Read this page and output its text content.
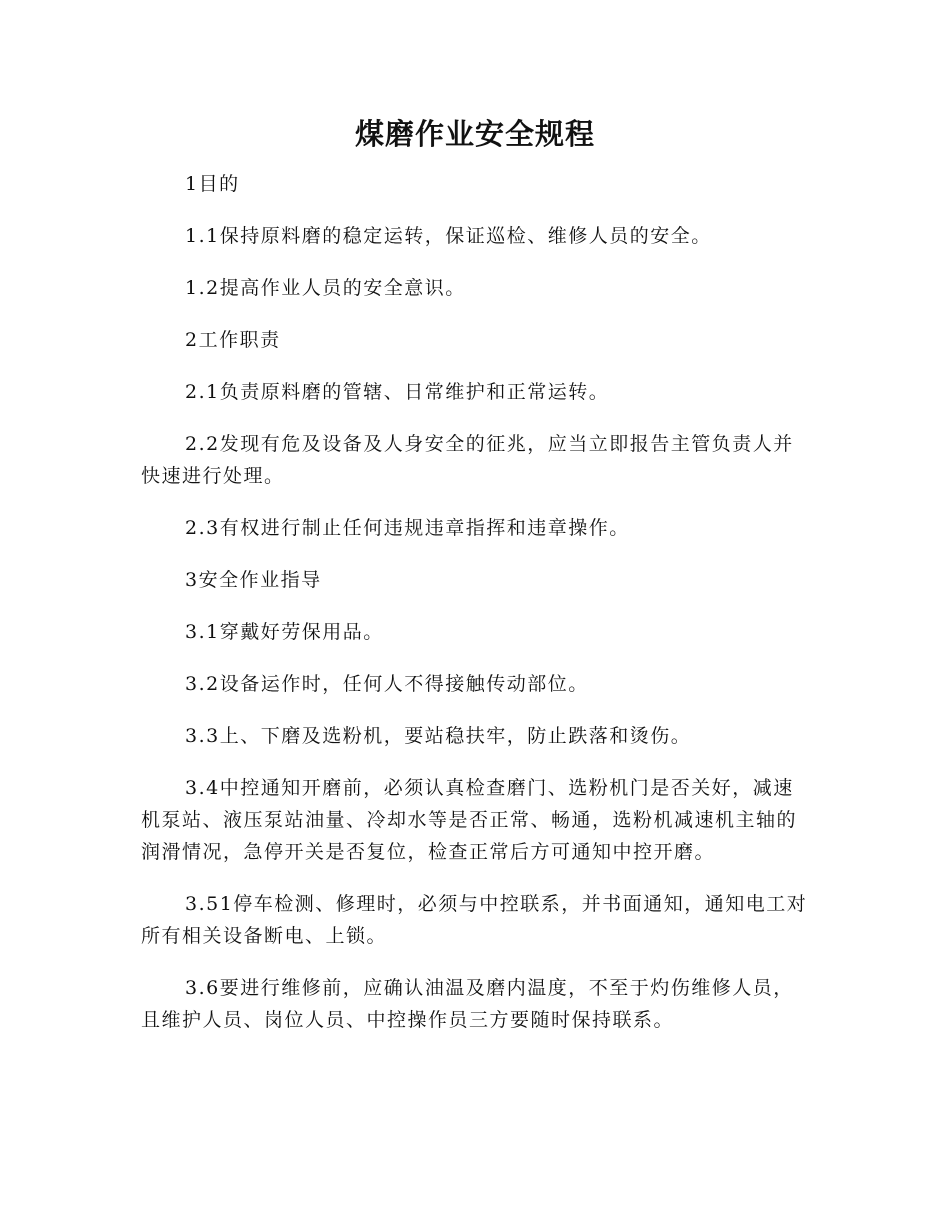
煤磨作业安全规程

1目的

1.1保持原料磨的稳定运转，保证巡检、维修人员的安全。

1.2提高作业人员的安全意识。

2工作职责

2.1负责原料磨的管辖、日常维护和正常运转。

2.2发现有危及设备及人身安全的征兆，应当立即报告主管负责人并快速进行处理。

2.3有权进行制止任何违规违章指挥和违章操作。

3安全作业指导

3.1穿戴好劳保用品。

3.2设备运作时，任何人不得接触传动部位。

3.3上、下磨及选粉机，要站稳扶牢，防止跌落和烫伤。

3.4中控通知开磨前，必须认真检查磨门、选粉机门是否关好，减速机泵站、液压泵站油量、冷却水等是否正常、畅通，选粉机减速机主轴的润滑情况，急停开关是否复位，检查正常后方可通知中控开磨。

3.51停车检测、修理时，必须与中控联系，并书面通知，通知电工对所有相关设备断电、上锁。

3.6要进行维修前，应确认油温及磨内温度，不至于灼伤维修人员，且维护人员、岗位人员、中控操作员三方要随时保持联系。
